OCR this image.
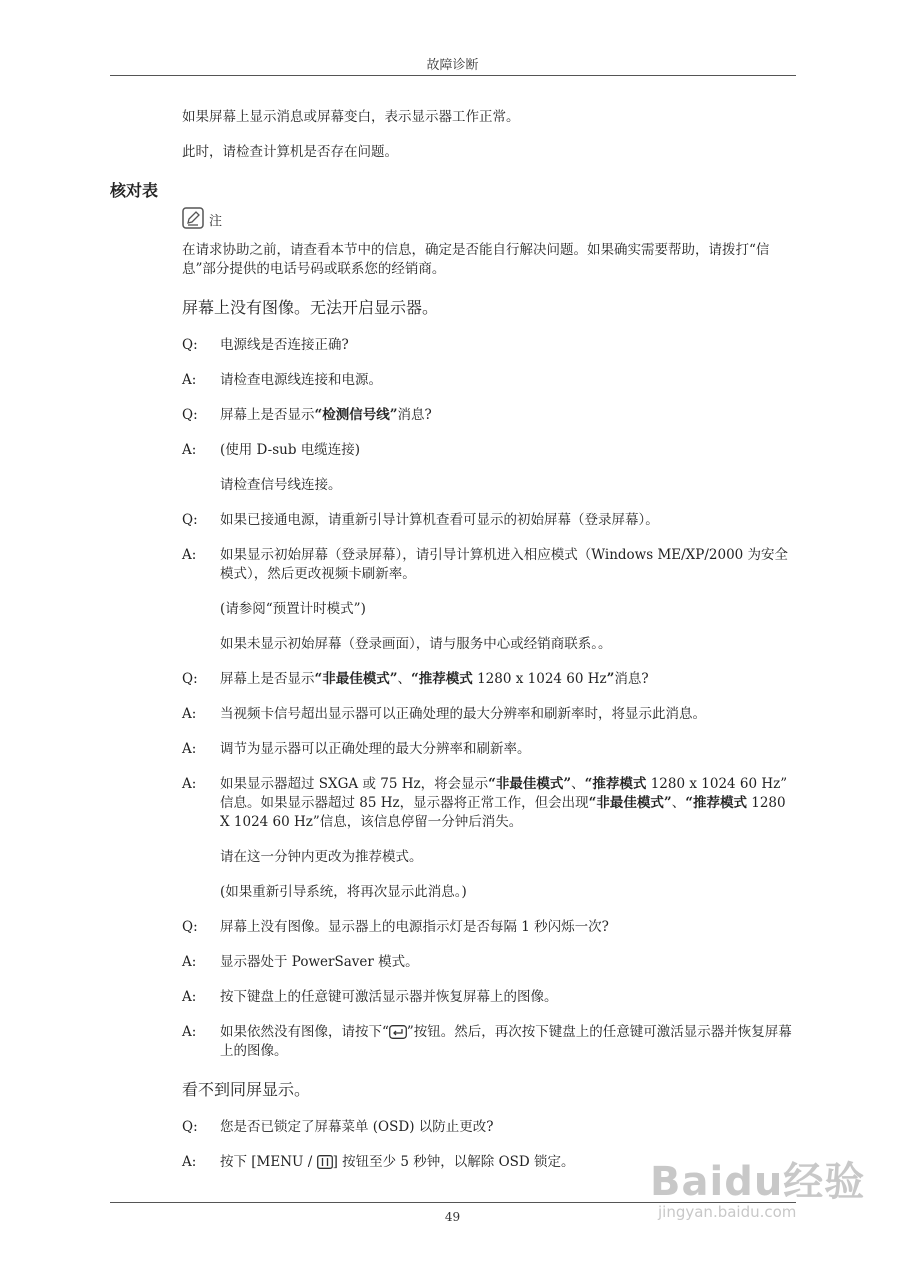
故障诊断

如果屏幕上显示消息或屏幕变白，表示显示器工作正常。

此时，请检查计算机是否存在问题。

核对表
注

在请求协助之前，请查看本节中的信息，确定是否能自行解决问题。如果确实需要帮助，请拨打“信息”部分提供的电话号码或联系您的经销商。

屏幕上没有图像。无法开启显示器。
Q:	电源线是否连接正确?
A:	请检查电源线连接和电源。
Q:	屏幕上是否显示“检测信号线”消息?
A:	(使用 D-sub 电缆连接)

请检查信号线连接。

Q:	如果已接通电源，请重新引导计算机查看可显示的初始屏幕（登录屏幕）。
A:	如果显示初始屏幕（登录屏幕），请引导计算机进入相应模式（Windows ME/XP/2000 为安全模式），然后更改视频卡刷新率。

(请参阅“预置计时模式”)

如果未显示初始屏幕（登录画面），请与服务中心或经销商联系。。

Q:	屏幕上是否显示“非最佳模式”、“推荐模式 1280 x 1024 60 Hz”消息?
A:	当视频卡信号超出显示器可以正确处理的最大分辨率和刷新率时，将显示此消息。
A:	调节为显示器可以正确处理的最大分辨率和刷新率。
A:	如果显示器超过 SXGA 或 75 Hz，将会显示“非最佳模式”、“推荐模式 1280 x 1024 60 Hz” 信息。如果显示器超过 85 Hz，显示器将正常工作，但会出现“非最佳模式”、“推荐模式 1280 X 1024 60 Hz”信息，该信息停留一分钟后消失。

请在这一分钟内更改为推荐模式。

(如果重新引导系统，将再次显示此消息。)

Q:	屏幕上没有图像。显示器上的电源指示灯是否每隔 1 秒闪烁一次?
A:	显示器处于 PowerSaver 模式。
A:	按下键盘上的任意键可激活显示器并恢复屏幕上的图像。
A:	如果依然没有图像，请按下“ ”按钮。然后，再次按下键盘上的任意键可激活显示器并恢复屏幕上的图像。
看不到同屏显示。
Q:	您是否已锁定了屏幕菜单 (OSD) 以防止更改?
A:	按下 [MENU / ] 按钮至少 5 秒钟，以解除 OSD 锁定。
49
Baidu经验
jingyan.baidu.com
